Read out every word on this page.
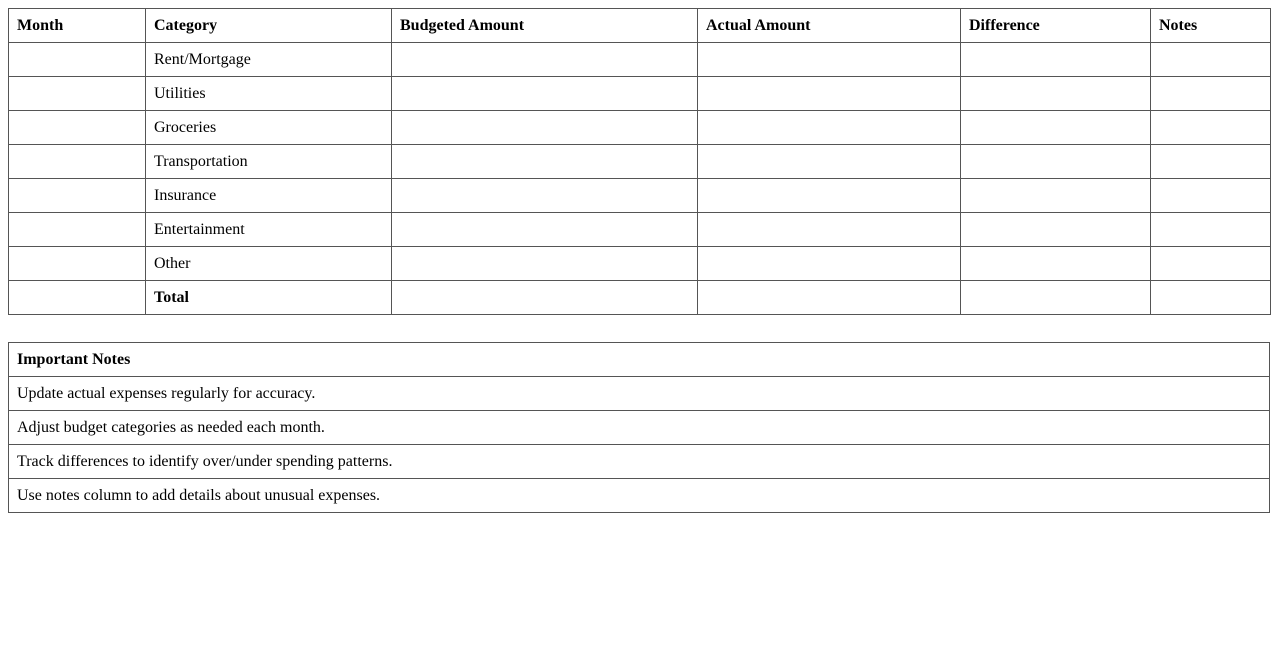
Month	Category	Budgeted Amount	Actual Amount	Difference	Notes
	Rent/Mortgage				
	Utilities				
	Groceries				
	Transportation				
	Insurance				
	Entertainment				
	Other				
	Total				
Important Notes
Update actual expenses regularly for accuracy.
Adjust budget categories as needed each month.
Track differences to identify over/under spending patterns.
Use notes column to add details about unusual expenses.
